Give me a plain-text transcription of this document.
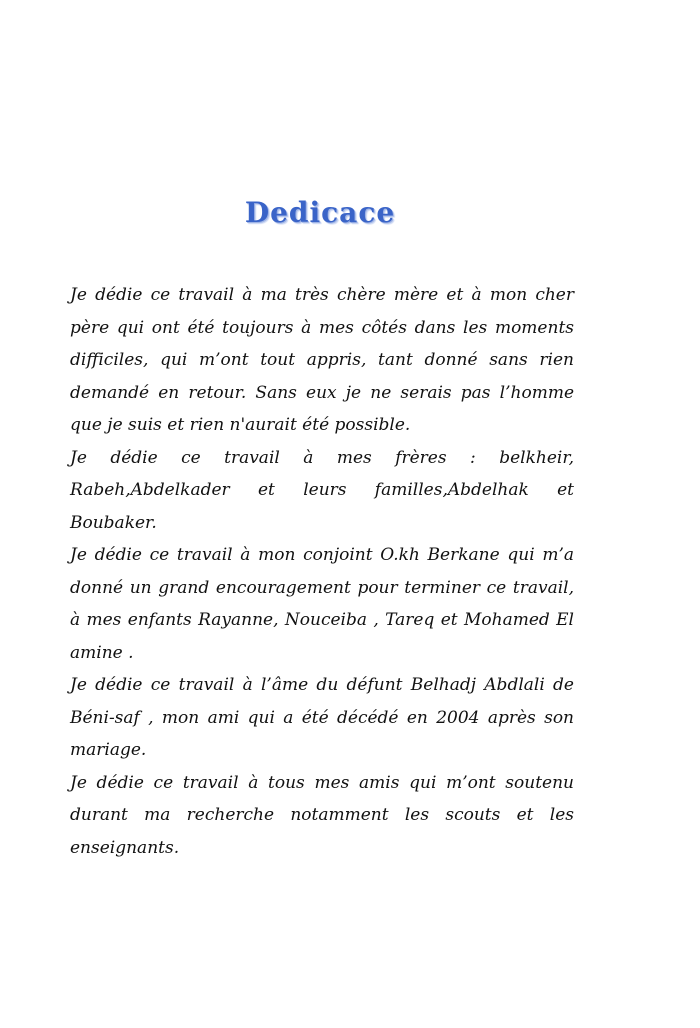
Dedicace

Je dédie ce travail à ma très chère mère et à mon cher père qui ont été toujours à mes côtés dans les moments difficiles, qui m’ont tout appris, tant donné sans rien demandé en retour. Sans eux je ne serais pas l’homme que je suis et rien n'aurait été possible.

Je dédie ce travail à mes frères : belkheir, Rabeh,Abdelkader et leurs familles,Abdelhak et Boubaker.

Je dédie ce travail à mon conjoint O.kh Berkane qui m’a donné un grand encouragement pour terminer ce travail, à mes enfants Rayanne, Nouceiba , Tareq et Mohamed El amine .

Je dédie ce travail à l’âme du défunt Belhadj Abdlali de Béni-saf , mon ami qui a été décédé en 2004 après son mariage.

Je dédie ce travail à tous mes amis qui m’ont soutenu durant ma recherche notamment les scouts et les enseignants.
